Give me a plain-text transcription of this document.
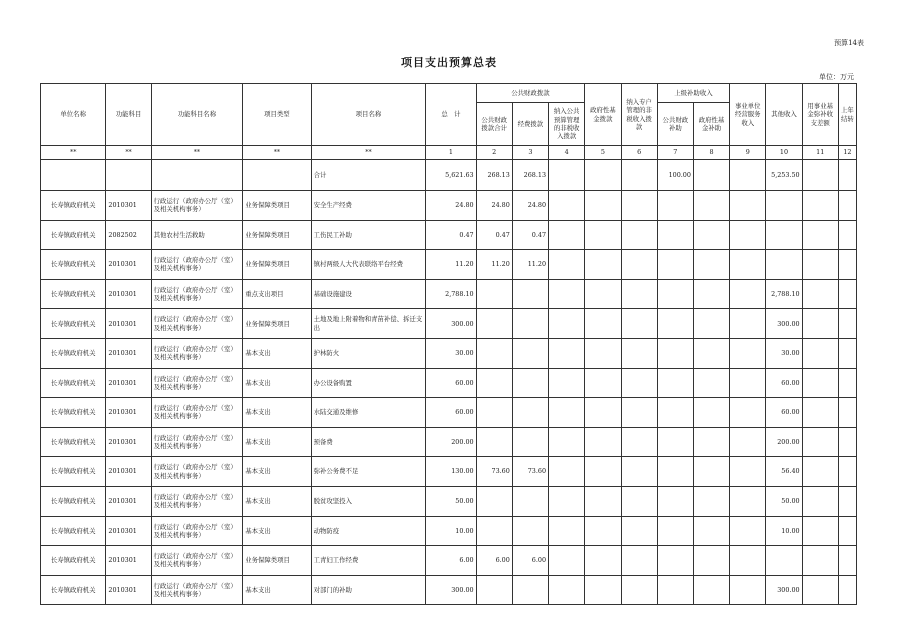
预算14表
项目支出预算总表
单位：万元
单位名称	功能科目	功能科目名称	项目类型	项目名称	总　计	公共财政拨款			政府性基金拨款	纳入专户管理的非税收入拨款	上级补助收入		事业单位经营服务收入	其他收入	用事业基金弥补收支差额	上年结转
						公共财政拨款合计	经费拨款	纳入公共预算管理的非税收入拨款			公共财政补助	政府性基金补助				
**	**	**	**	**	1	2	3	4	5	6	7	8	9	10	11	12
				合计	5,621.63	268.13	268.13				100.00			5,253.50		
长寿镇政府机关	2010301	行政运行（政府办公厅（室）及相关机构事务）	业务保障类项目	安全生产经费	24.80	24.80	24.80									
长寿镇政府机关	2082502	其他农村生活救助	业务保障类项目	工伤民工补助	0.47	0.47	0.47									
长寿镇政府机关	2010301	行政运行（政府办公厅（室）及相关机构事务）	业务保障类项目	镇村两级人大代表联络平台经费	11.20	11.20	11.20									
长寿镇政府机关	2010301	行政运行（政府办公厅（室）及相关机构事务）	重点支出项目	基础设施建设	2,788.10									2,788.10		
长寿镇政府机关	2010301	行政运行（政府办公厅（室）及相关机构事务）	业务保障类项目	土地及地上附着物和青苗补偿、拆迁支出	300.00									300.00		
长寿镇政府机关	2010301	行政运行（政府办公厅（室）及相关机构事务）	基本支出	护林防火	30.00									30.00		
长寿镇政府机关	2010301	行政运行（政府办公厅（室）及相关机构事务）	基本支出	办公设备购置	60.00									60.00		
长寿镇政府机关	2010301	行政运行（政府办公厅（室）及相关机构事务）	基本支出	水陆交通及维修	60.00									60.00		
长寿镇政府机关	2010301	行政运行（政府办公厅（室）及相关机构事务）	基本支出	预备费	200.00									200.00		
长寿镇政府机关	2010301	行政运行（政府办公厅（室）及相关机构事务）	基本支出	弥补公务费不足	130.00	73.60	73.60							56.40		
长寿镇政府机关	2010301	行政运行（政府办公厅（室）及相关机构事务）	基本支出	脱贫攻坚投入	50.00									50.00		
长寿镇政府机关	2010301	行政运行（政府办公厅（室）及相关机构事务）	基本支出	动物防疫	10.00									10.00		
长寿镇政府机关	2010301	行政运行（政府办公厅（室）及相关机构事务）	业务保障类项目	工青妇工作经费	6.00	6.00	6.00									
长寿镇政府机关	2010301	行政运行（政府办公厅（室）及相关机构事务）	基本支出	对部门的补助	300.00									300.00		
